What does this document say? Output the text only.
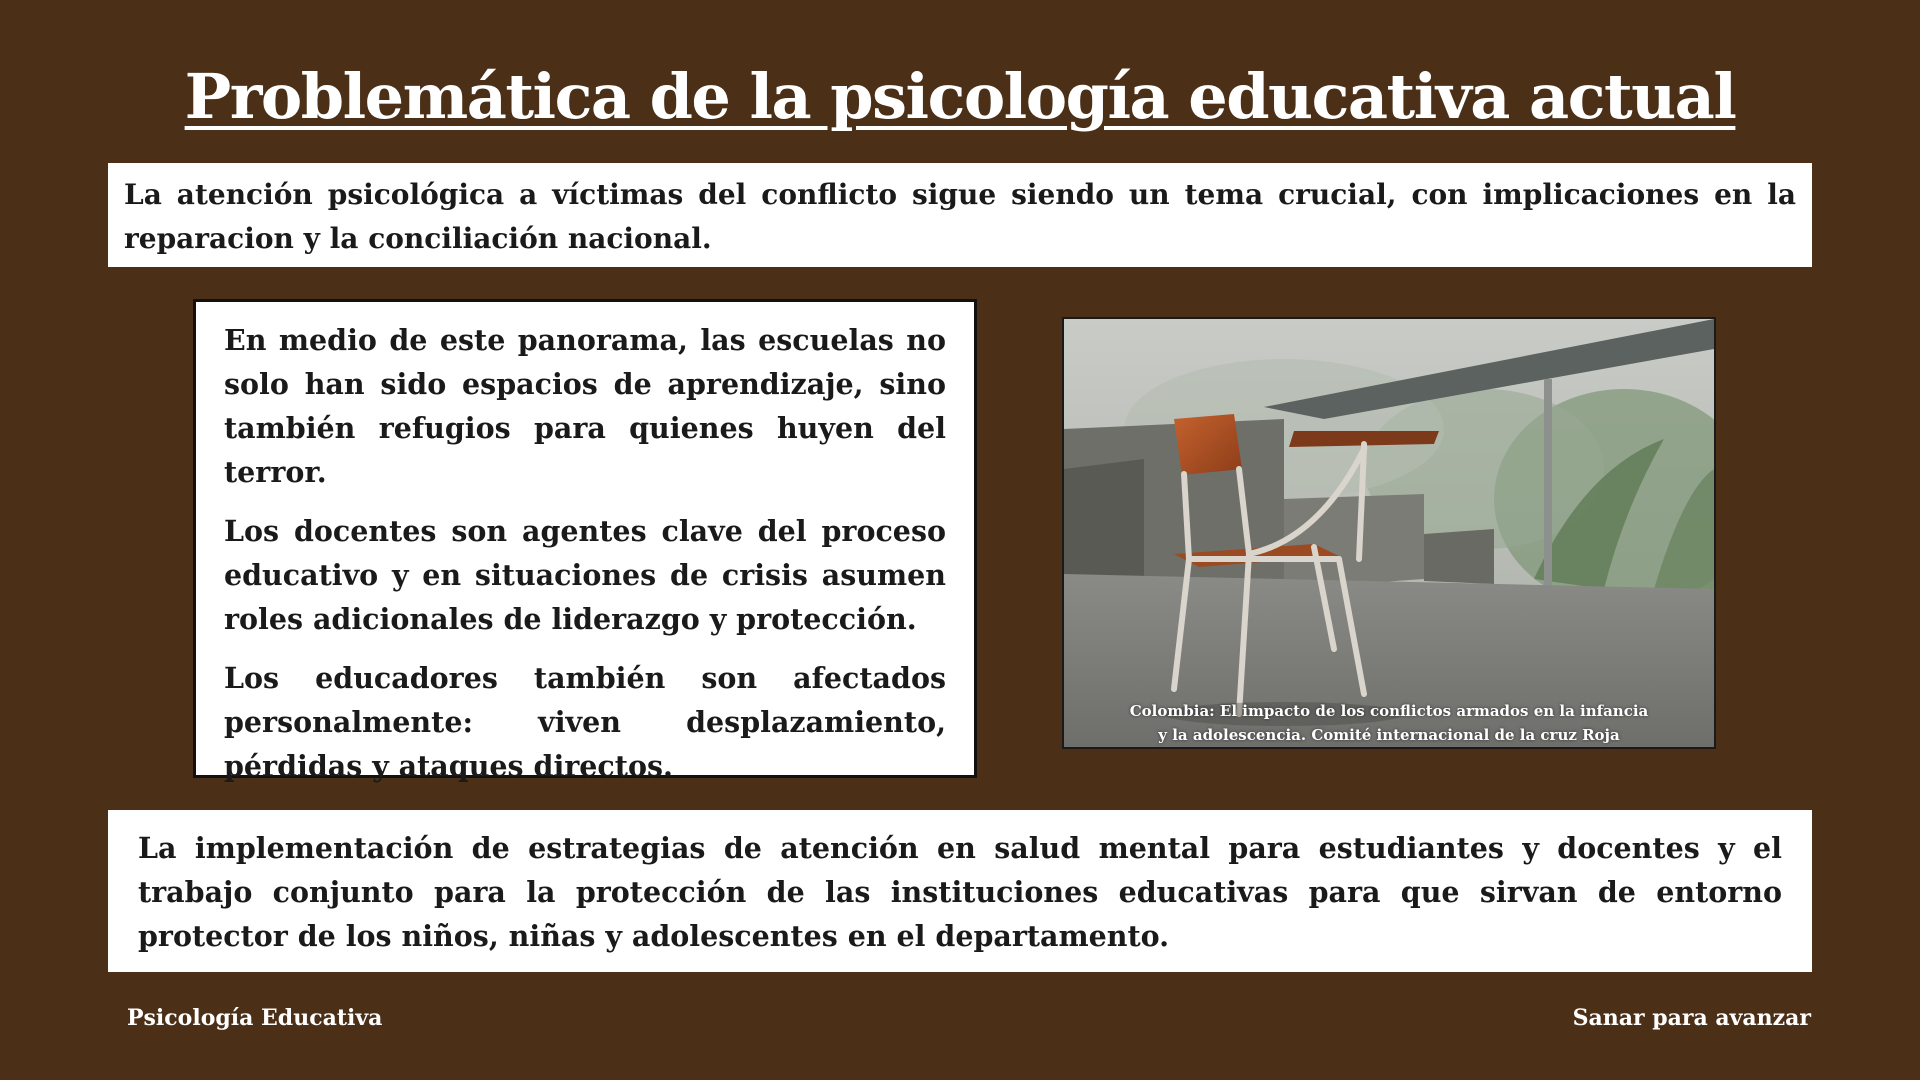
Problemática de la psicología educativa actual
La atención psicológica a víctimas del conflicto sigue siendo un tema crucial, con implicaciones en la reparacion y la conciliación nacional.

En medio de este panorama, las escuelas no solo han sido espacios de aprendizaje, sino también refugios para quienes huyen del terror.

Los docentes son agentes clave del proceso educativo y en situaciones de crisis asumen roles adicionales de liderazgo y protección.

Los educadores también son afectados personalmente: viven desplazamiento, pérdidas y ataques directos.

Colombia: El impacto de los conflictos armados en la infancia y la adolescencia. Comité internacional de la cruz Roja
La implementación de estrategias de atención en salud mental para estudiantes y docentes y el trabajo conjunto para la protección de las instituciones educativas para que sirvan de entorno protector de los niños, niñas y adolescentes en el departamento.
Psicología Educativa	Sanar para avanzar
